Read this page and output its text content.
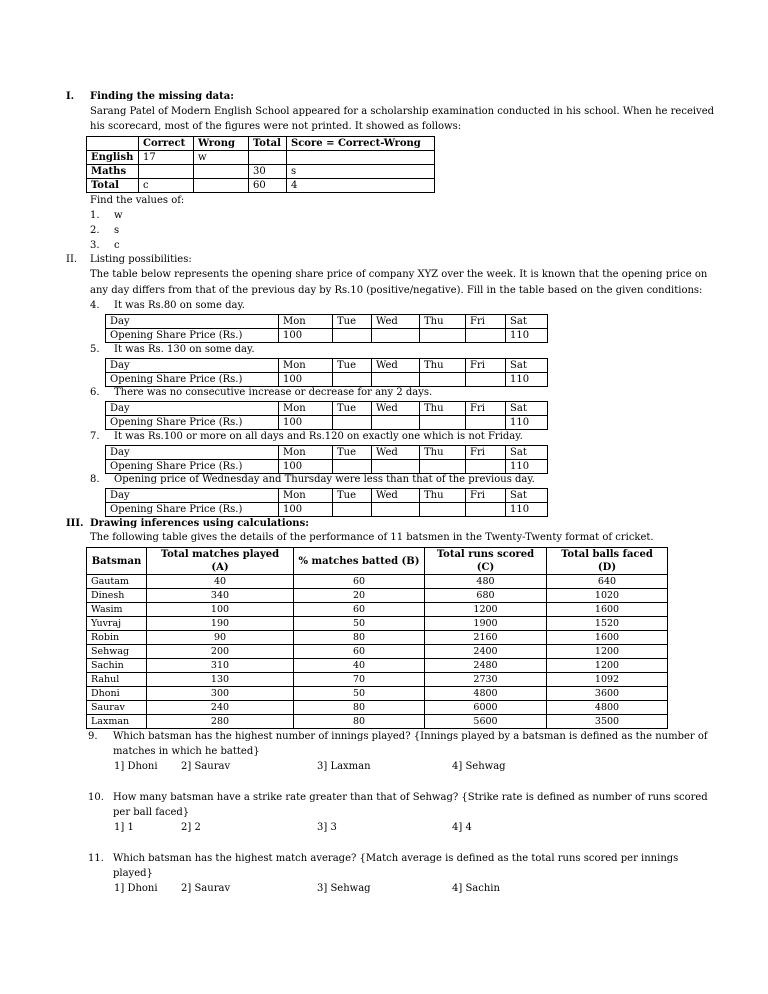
I. Finding the missing data:
Sarang Patel of Modern English School appeared for a scholarship examination conducted in his school. When he received
his scorecard, most of the figures were not printed. It showed as follows:
	Correct	Wrong	Total	Score = Correct-Wrong
English	17	w		
Maths			30	s
Total	c		60	4
Find the values of:
1. w
2. s
3. c
II. Listing possibilities:
The table below represents the opening share price of company XYZ over the week. It is known that the opening price on
any day differs from that of the previous day by Rs.10 (positive/negative). Fill in the table based on the given conditions:
4. It was Rs.80 on some day.
Day	Mon	Tue	Wed	Thu	Fri	Sat
Opening Share Price (Rs.)	100					110
5. It was Rs. 130 on some day.
Day	Mon	Tue	Wed	Thu	Fri	Sat
Opening Share Price (Rs.)	100					110
6. There was no consecutive increase or decrease for any 2 days.
Day	Mon	Tue	Wed	Thu	Fri	Sat
Opening Share Price (Rs.)	100					110
7. It was Rs.100 or more on all days and Rs.120 on exactly one which is not Friday.
Day	Mon	Tue	Wed	Thu	Fri	Sat
Opening Share Price (Rs.)	100					110
8. Opening price of Wednesday and Thursday were less than that of the previous day.
Day	Mon	Tue	Wed	Thu	Fri	Sat
Opening Share Price (Rs.)	100					110
III. Drawing inferences using calculations:
The following table gives the details of the performance of 11 batsmen in the Twenty-Twenty format of cricket.
Batsman	Total matches played (A)	% matches batted (B)	Total runs scored (C)	Total balls faced (D)
Gautam	40	60	480	640
Dinesh	340	20	680	1020
Wasim	100	60	1200	1600
Yuvraj	190	50	1900	1520
Robin	90	80	2160	1600
Sehwag	200	60	2400	1200
Sachin	310	40	2480	1200
Rahul	130	70	2730	1092
Dhoni	300	50	4800	3600
Saurav	240	80	6000	4800
Laxman	280	80	5600	3500
9. Which batsman has the highest number of innings played? {Innings played by a batsman is defined as the number of
matches in which he batted}
1] Dhoni 2] Saurav	3] Laxman	4] Sehwag
10. How many batsman have a strike rate greater than that of Sehwag? {Strike rate is defined as number of runs scored
per ball faced}
1] 1	2] 2	3] 3	4] 4
11. Which batsman has the highest match average? {Match average is defined as the total runs scored per innings
played}
1] Dhoni 2] Saurav	3] Sehwag	4] Sachin
